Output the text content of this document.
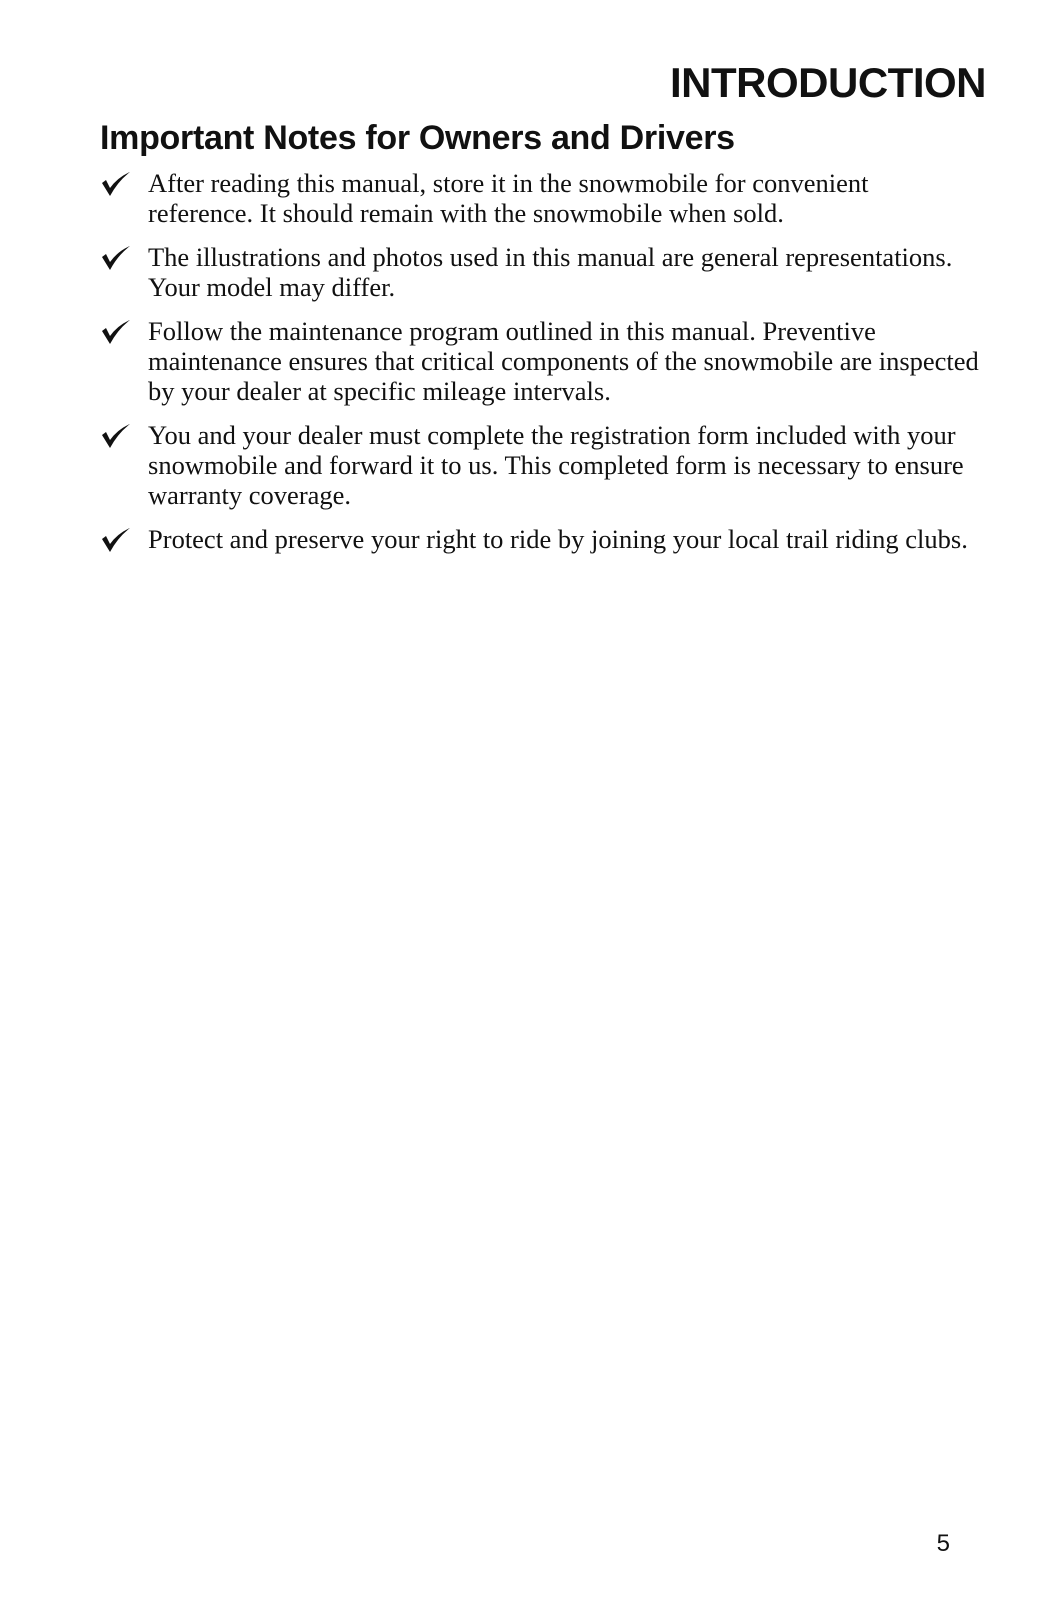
INTRODUCTION
Important Notes for Owners and Drivers
After reading this manual, store it in the snowmobile for convenient reference. It should remain with the snowmobile when sold.
The illustrations and photos used in this manual are general representations. Your model may differ.
Follow the maintenance program outlined in this manual. Preventive maintenance ensures that critical components of the snowmobile are inspected by your dealer at specific mileage intervals.
You and your dealer must complete the registration form included with your snowmobile and forward it to us. This completed form is necessary to ensure warranty coverage.
Protect and preserve your right to ride by joining your local trail riding clubs.
5
